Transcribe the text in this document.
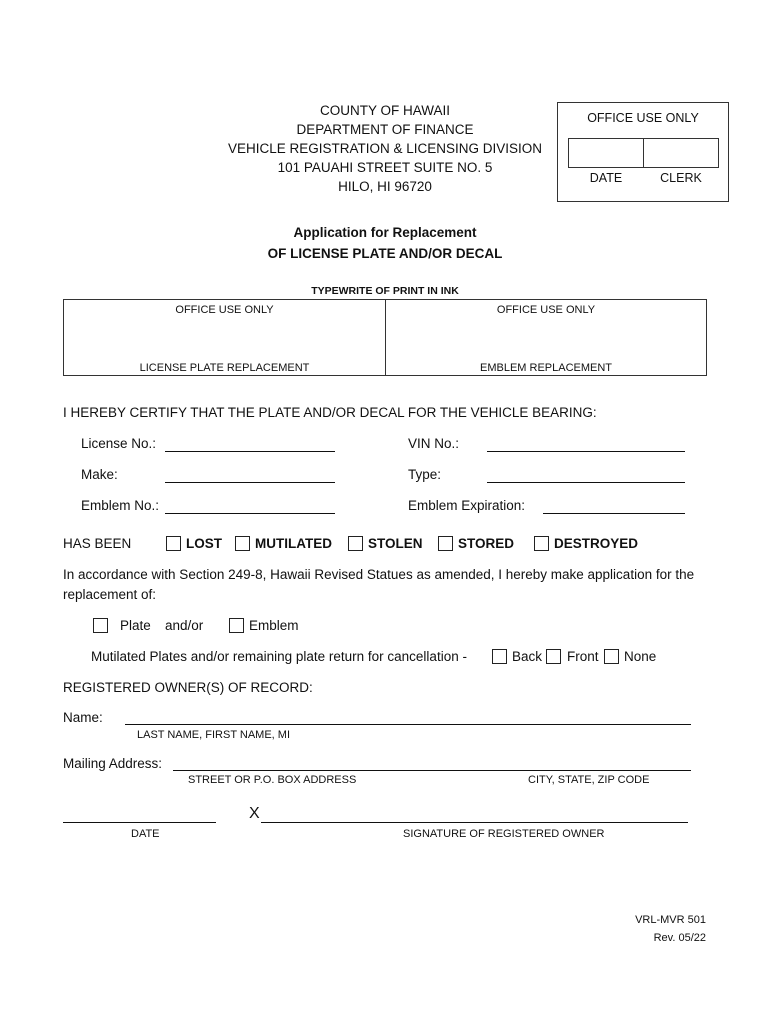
COUNTY OF HAWAII
DEPARTMENT OF FINANCE
VEHICLE REGISTRATION & LICENSING DIVISION
101 PAUAHI STREET SUITE NO. 5
HILO, HI 96720
OFFICE USE ONLY
DATE	CLERK
Application for Replacement
OF LICENSE PLATE AND/OR DECAL
TYPEWRITE OF PRINT IN INK
OFFICE USE ONLY	OFFICE USE ONLY
LICENSE PLATE REPLACEMENT	EMBLEM REPLACEMENT
I HEREBY CERTIFY THAT THE PLATE AND/OR DECAL FOR THE VEHICLE BEARING:
License No.:	VIN No.:
Make:	Type:
Emblem No.:	Emblem Expiration:
HAS BEEN	LOST MUTILATED	STOLEN	STORED	DESTROYED
In accordance with Section 249-8, Hawaii Revised Statues as amended, I hereby make application for the
replacement of:
Plate and/or	Emblem
Mutilated Plates and/or remaining plate return for cancellation -	Back Front None
REGISTERED OWNER(S) OF RECORD:
Name:
LAST NAME, FIRST NAME, MI
Mailing Address:
STREET OR P.O. BOX ADDRESS	CITY, STATE, ZIP CODE
DATE
X
SIGNATURE OF REGISTERED OWNER
VRL-MVR 501
Rev. 05/22
